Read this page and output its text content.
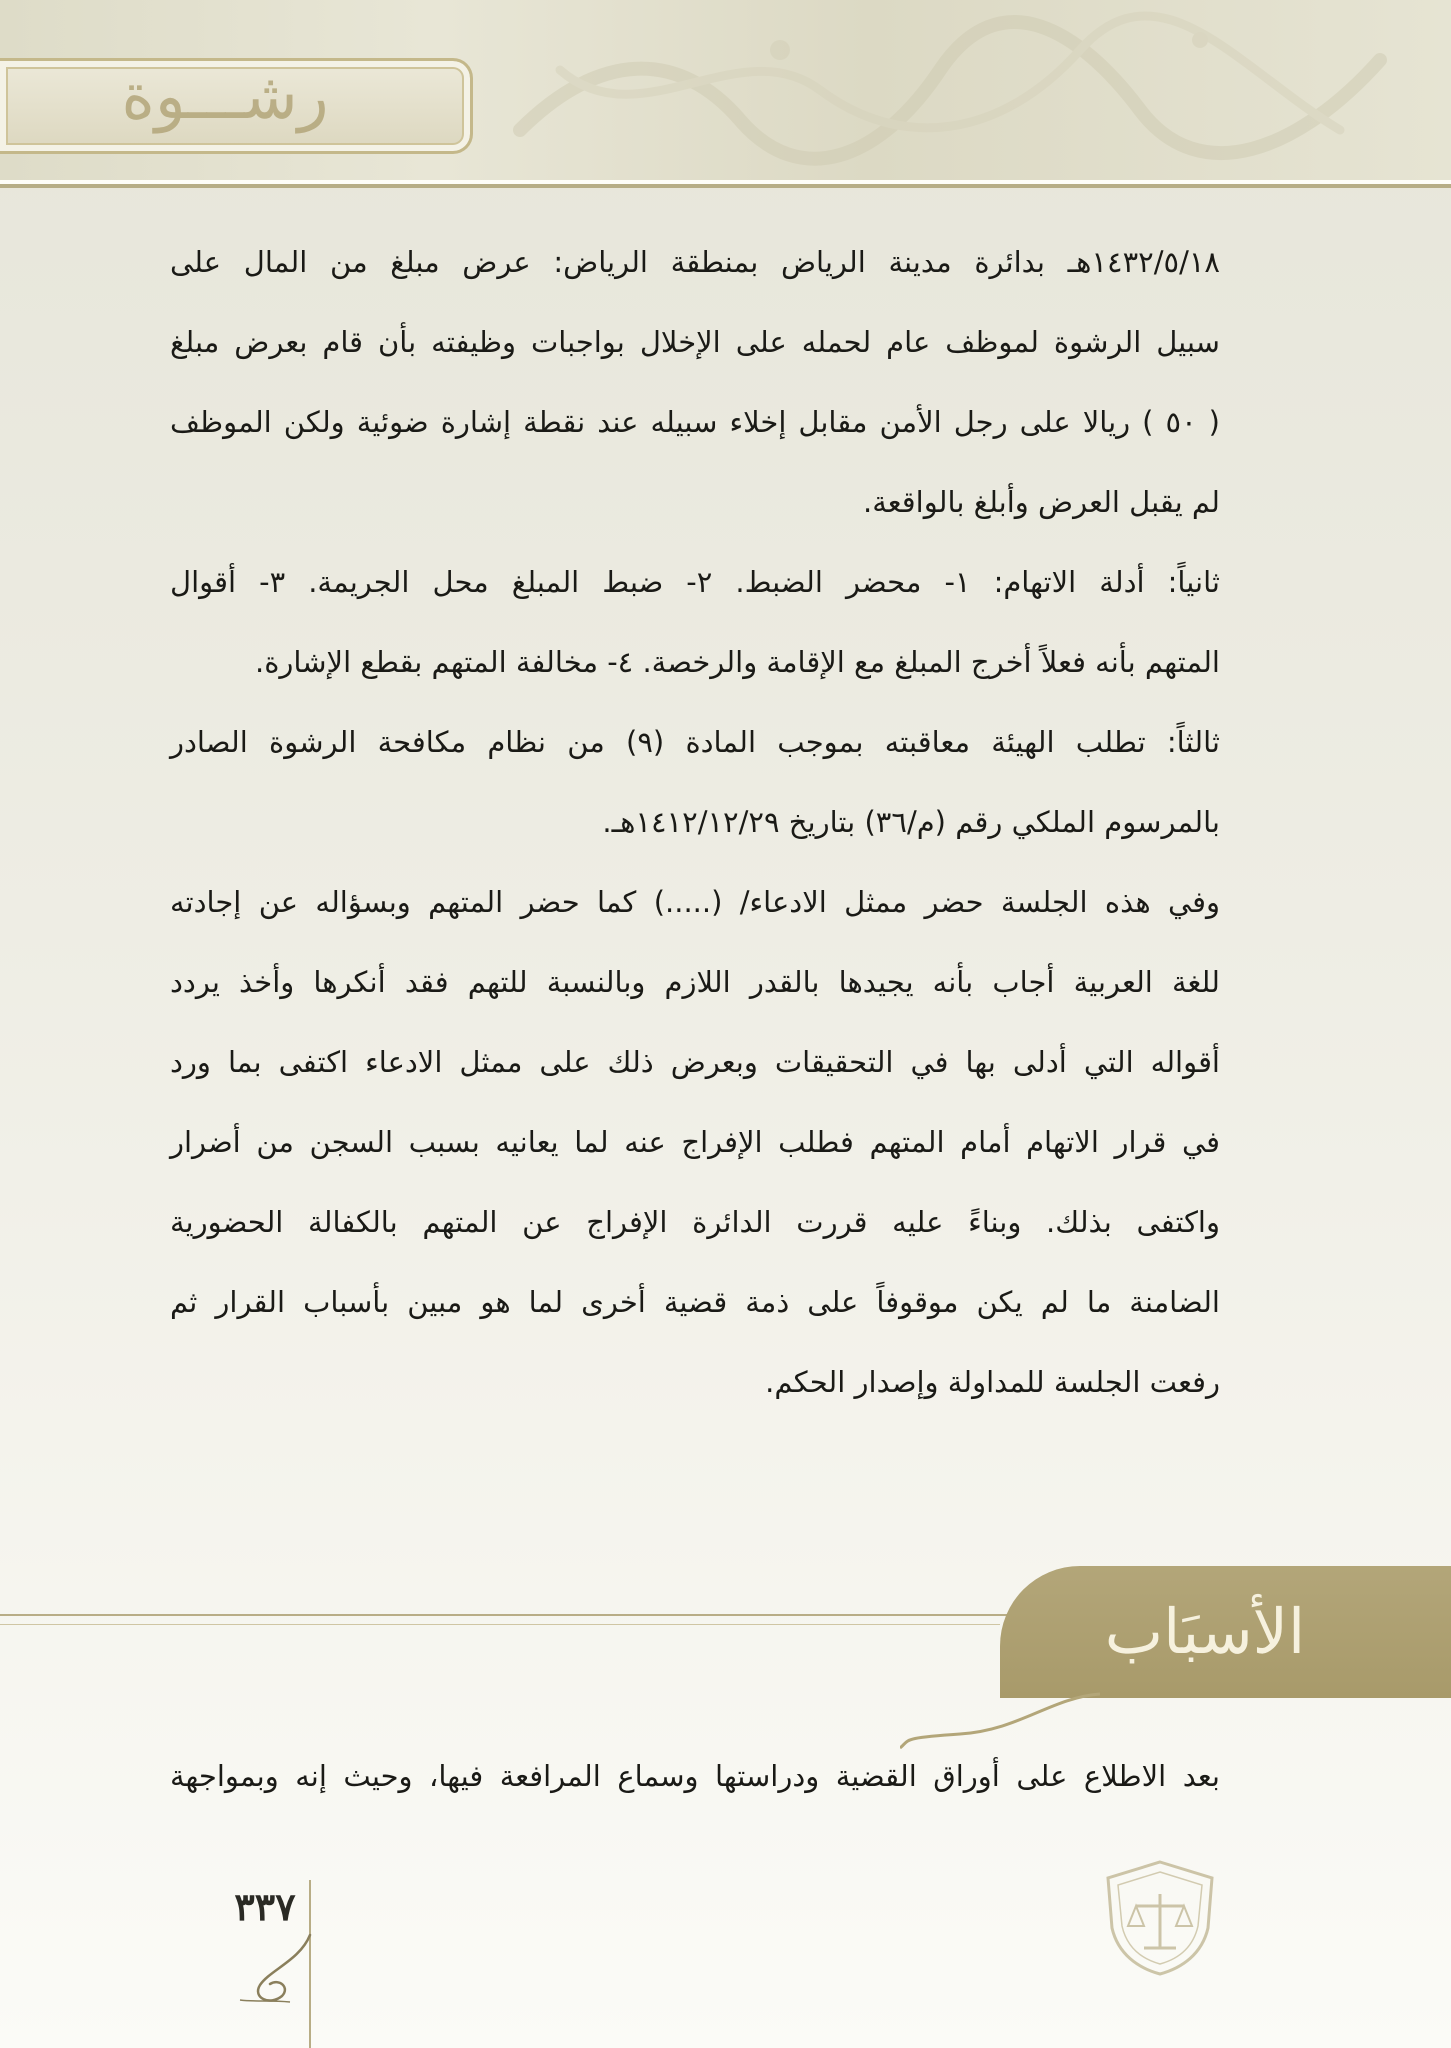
رشـــوة
١٤٣٢/٥/١٨هـ بدائرة مدينة الرياض بمنطقة الرياض: عرض مبلغ من المال على
سبيل الرشوة لموظف عام لحمله على الإخلال بواجبات وظيفته بأن قام بعرض مبلغ
( ٥٠ ) ريالا على رجل الأمن مقابل إخلاء سبيله عند نقطة إشارة ضوئية ولكن الموظف
لم يقبل العرض وأبلغ بالواقعة.
ثانياً: أدلة الاتهام: ١- محضر الضبط. ٢- ضبط المبلغ محل الجريمة. ٣- أقوال
المتهم بأنه فعلاً أخرج المبلغ مع الإقامة والرخصة. ٤- مخالفة المتهم بقطع الإشارة.
ثالثاً: تطلب الهيئة معاقبته بموجب المادة (٩) من نظام مكافحة الرشوة الصادر
بالمرسوم الملكي رقم (م/٣٦) بتاريخ ١٤١٢/١٢/٢٩هـ.
وفي هذه الجلسة حضر ممثل الادعاء/ (.....) كما حضر المتهم وبسؤاله عن إجادته
للغة العربية أجاب بأنه يجيدها بالقدر اللازم وبالنسبة للتهم فقد أنكرها وأخذ يردد
أقواله التي أدلى بها في التحقيقات وبعرض ذلك على ممثل الادعاء اكتفى بما ورد
في قرار الاتهام أمام المتهم فطلب الإفراج عنه لما يعانيه بسبب السجن من أضرار
واكتفى بذلك. وبناءً عليه قررت الدائرة الإفراج عن المتهم بالكفالة الحضورية
الضامنة ما لم يكن موقوفاً على ذمة قضية أخرى لما هو مبين بأسباب القرار ثم
رفعت الجلسة للمداولة وإصدار الحكم.
الأسبَاب
بعد الاطلاع على أوراق القضية ودراستها وسماع المرافعة فيها، وحيث إنه وبمواجهة
٣٣٧
